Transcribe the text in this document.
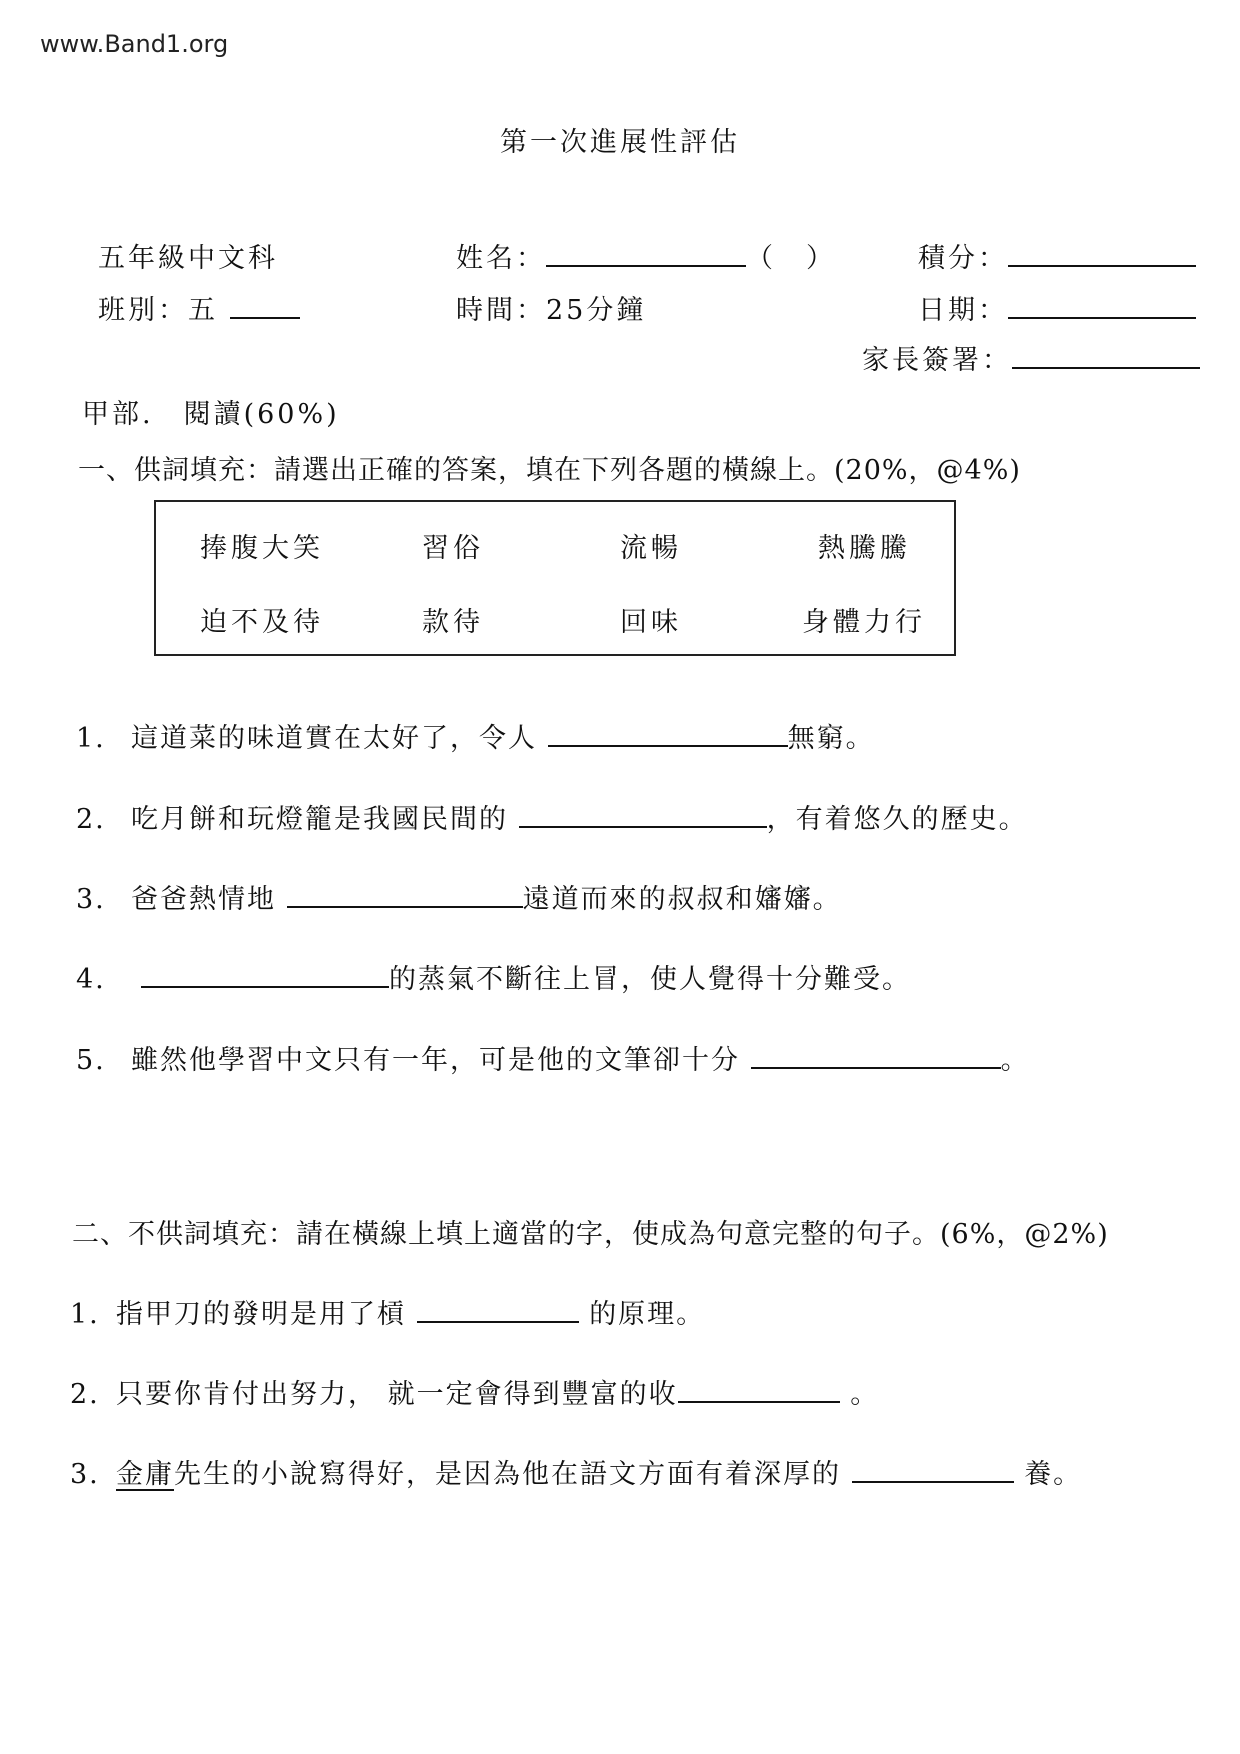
www.Band1.org
第一次進展性評估
五年級中文科	姓名：	（　）	積分：
班別：五	時間：25分鐘	日期：
家長簽署：
甲部.　閱讀(60%)
一、供詞填充：請選出正確的答案，填在下列各題的橫線上。(20%，@4%)
捧腹大笑	習俗	流暢	熱騰騰
迫不及待	款待	回味	身體力行
1. 這道菜的味道實在太好了，令人	無窮。
2. 吃月餅和玩燈籠是我國民間的	，有着悠久的歷史。
3. 爸爸熱情地	遠道而來的叔叔和嬸嬸。
4.	的蒸氣不斷往上冒，使人覺得十分難受。
5. 雖然他學習中文只有一年，可是他的文筆卻十分	。
二、不供詞填充：請在橫線上填上適當的字，使成為句意完整的句子。(6%，@2%)
1. 指甲刀的發明是用了槓	的原理。
2. 只要你肯付出努力， 就一定會得到豐富的收	。
3. 金庸先生的小說寫得好，是因為他在語文方面有着深厚的	養。
